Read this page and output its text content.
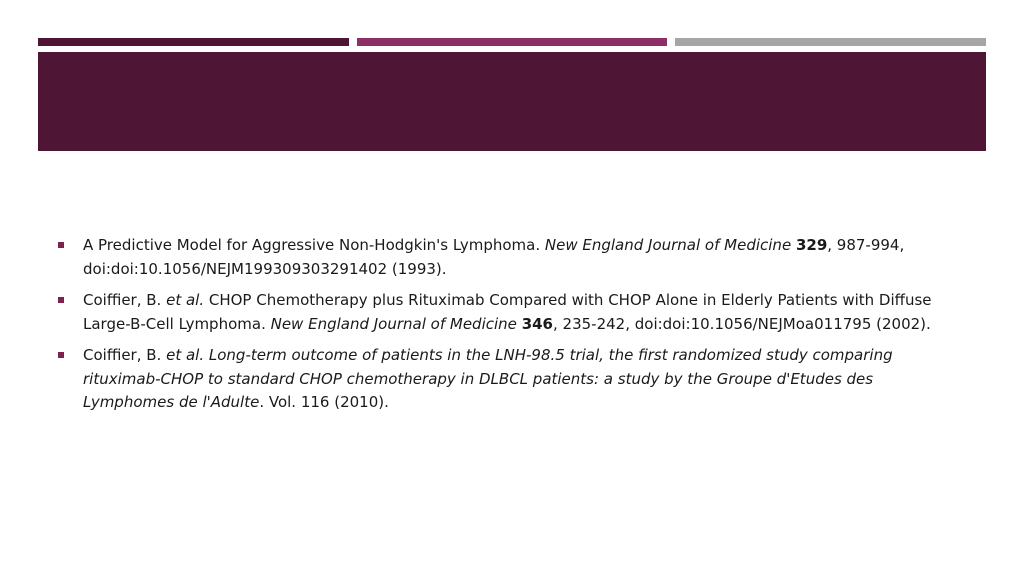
A Predictive Model for Aggressive Non-Hodgkin's Lymphoma. New England Journal of Medicine 329, 987-994, doi:doi:10.1056/NEJM199309303291402 (1993).
Coiffier, B. et al. CHOP Chemotherapy plus Rituximab Compared with CHOP Alone in Elderly Patients with Diffuse Large-B-Cell Lymphoma. New England Journal of Medicine 346, 235-242, doi:doi:10.1056/NEJMoa011795 (2002).
Coiffier, B. et al. Long-term outcome of patients in the LNH-98.5 trial, the first randomized study comparing rituximab-CHOP to standard CHOP chemotherapy in DLBCL patients: a study by the Groupe d'Etudes des Lymphomes de l'Adulte. Vol. 116 (2010).
